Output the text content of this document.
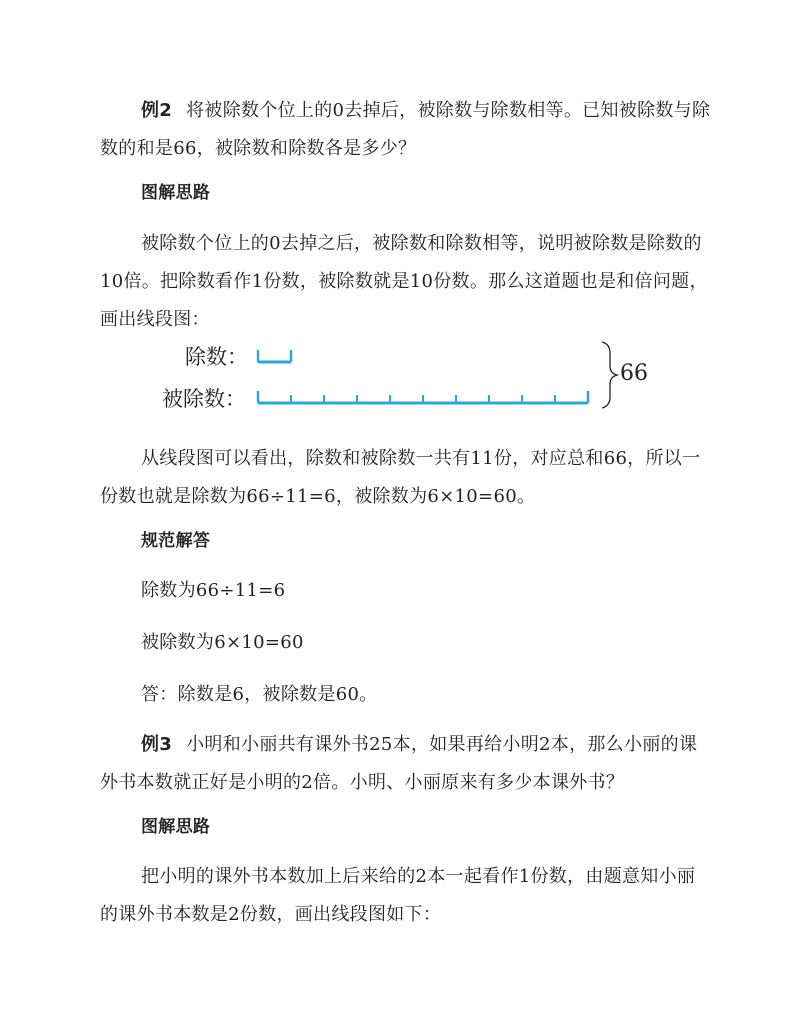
例2 将被除数个位上的0去掉后，被除数与除数相等。已知被除数与除数的和是66，被除数和除数各是多少？

图解思路

被除数个位上的0去掉之后，被除数和除数相等，说明被除数是除数的10倍。把除数看作1份数，被除数就是10份数。那么这道题也是和倍问题，画出线段图：

除数：
被除数：
66

从线段图可以看出，除数和被除数一共有11份，对应总和66，所以一份数也就是除数为66÷11=6，被除数为6×10=60。

规范解答

除数为66÷11=6

被除数为6×10=60

答：除数是6，被除数是60。

例3 小明和小丽共有课外书25本，如果再给小明2本，那么小丽的课外书本数就正好是小明的2倍。小明、小丽原来有多少本课外书？

图解思路

把小明的课外书本数加上后来给的2本一起看作1份数，由题意知小丽的课外书本数是2份数，画出线段图如下：
